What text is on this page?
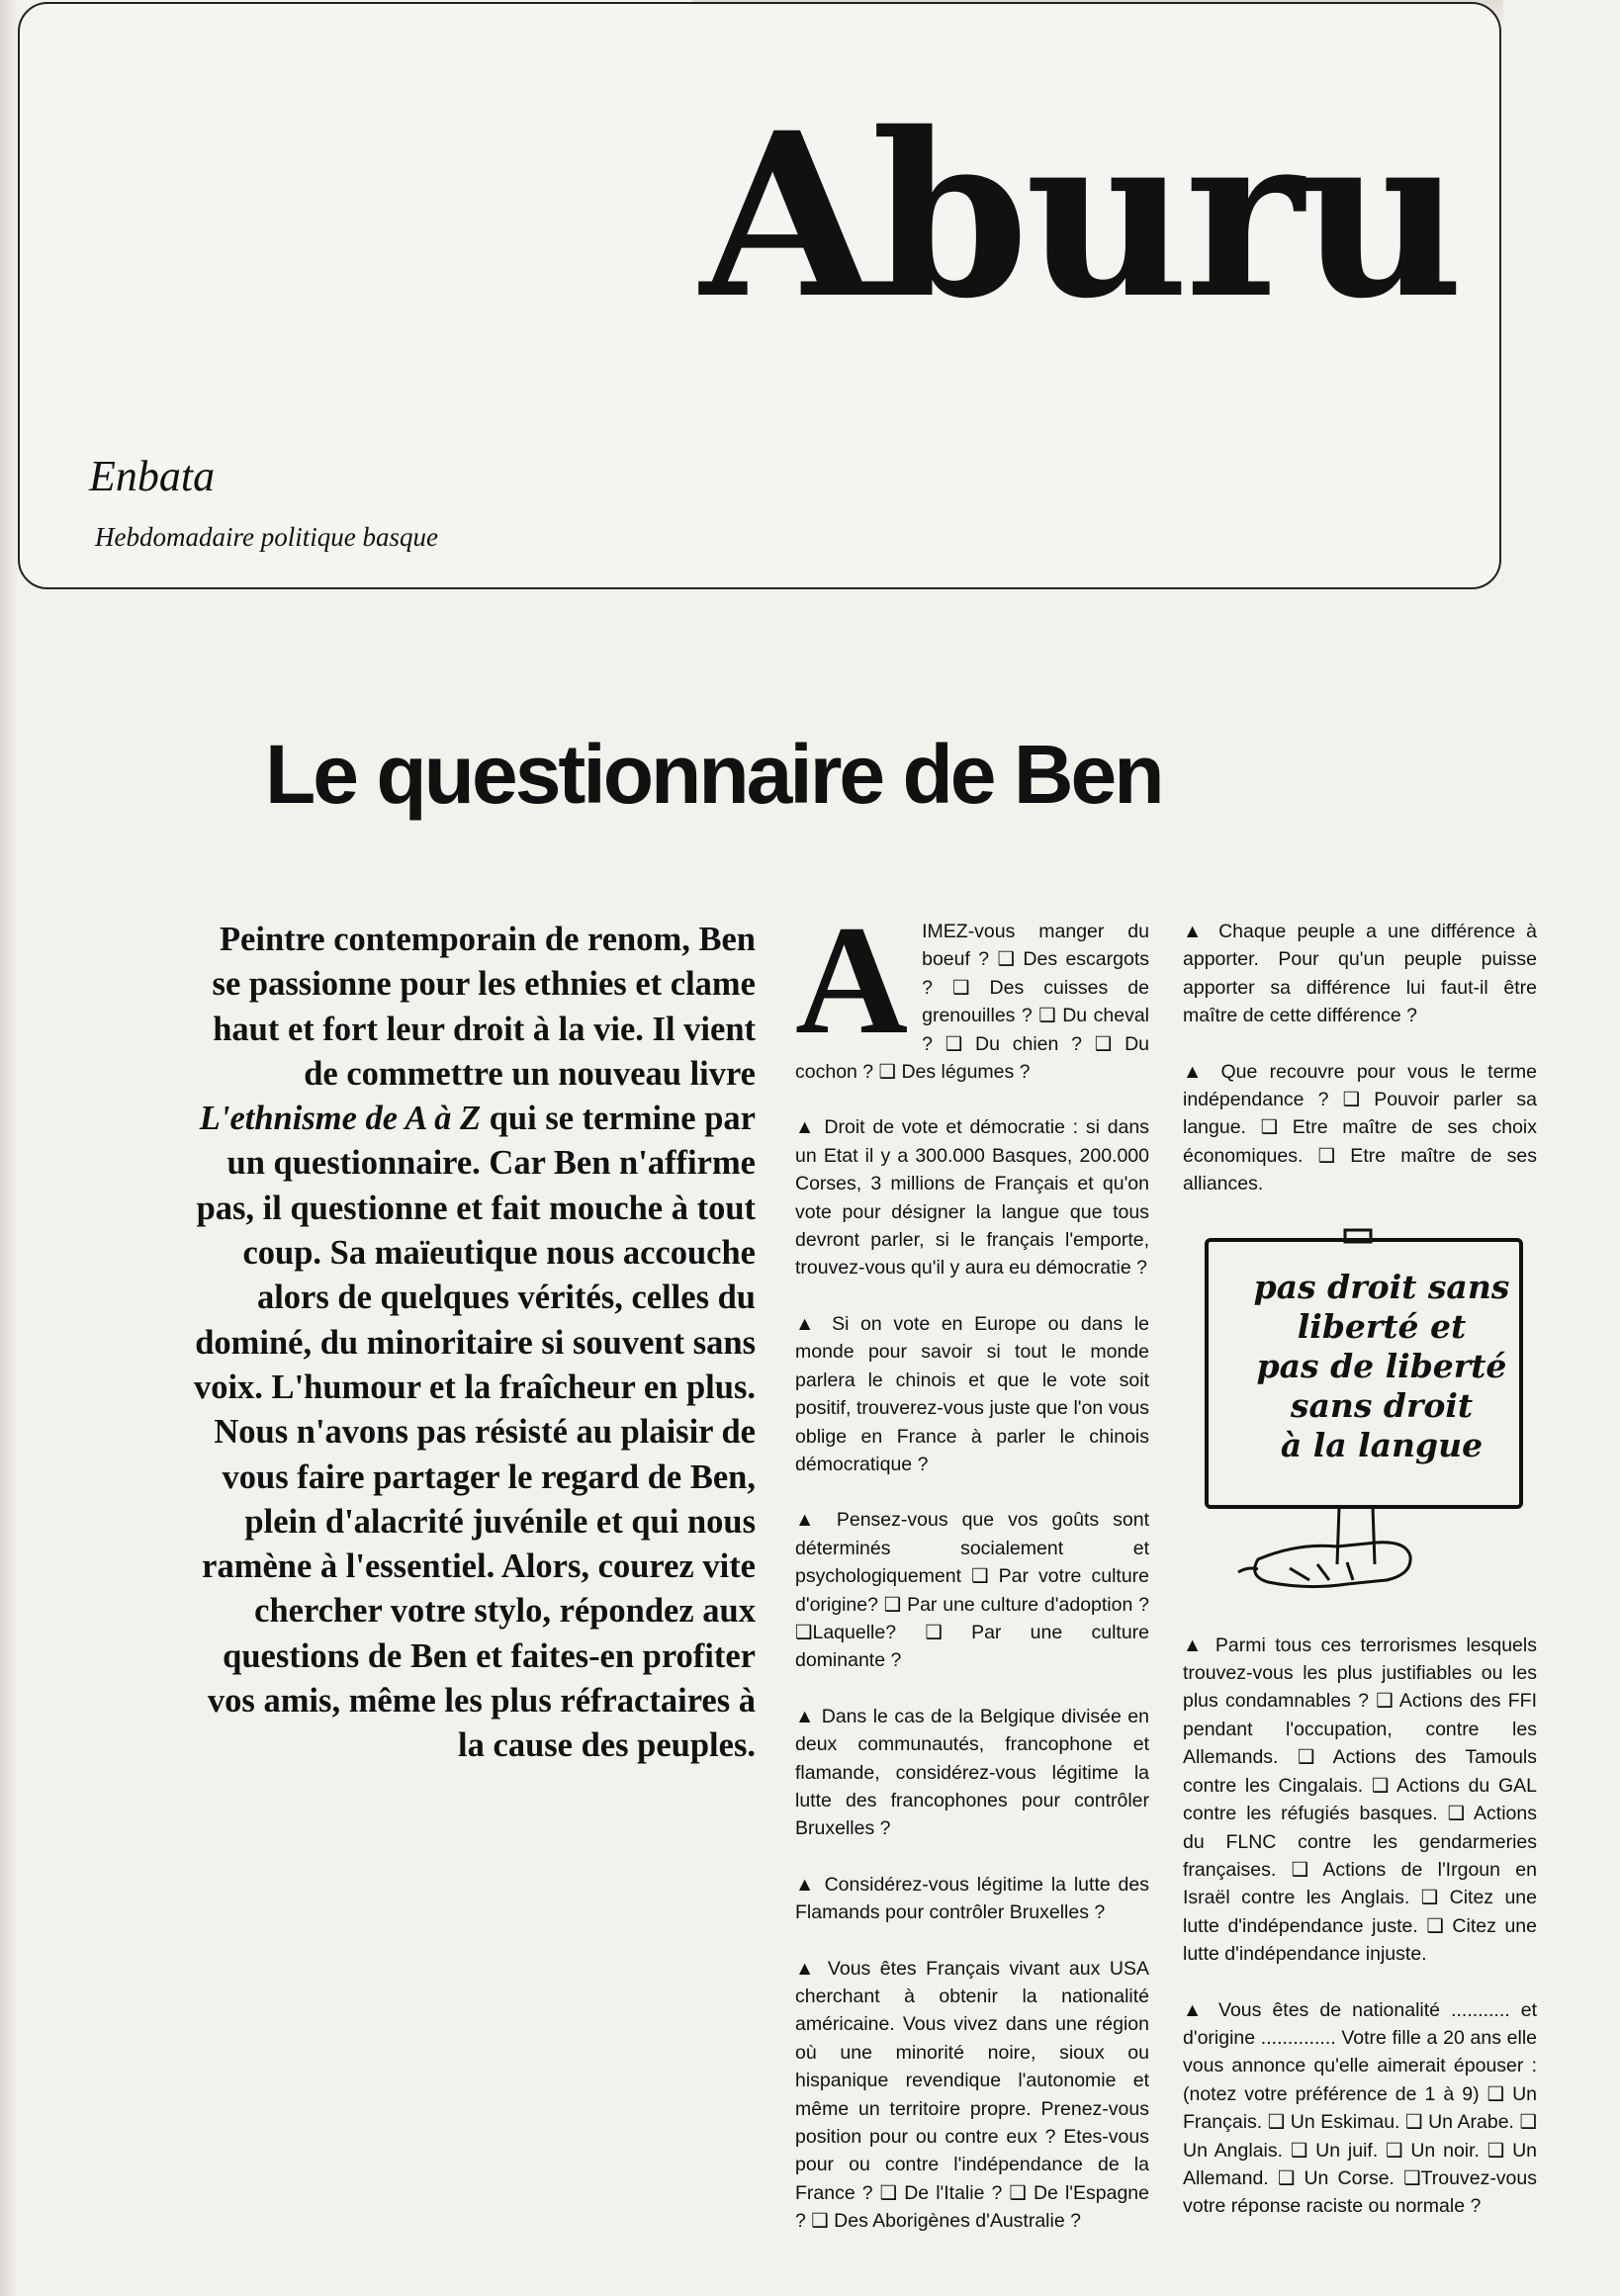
Aburu
Enbata
Hebdomadaire politique basque
Le questionnaire de Ben
Peintre contemporain de renom, Ben se passionne pour les ethnies et clame haut et fort leur droit à la vie. Il vient de commettre un nouveau livre L'ethnisme de A à Z qui se termine par un questionnaire. Car Ben n'affirme pas, il questionne et fait mouche à tout coup. Sa maïeutique nous accouche alors de quelques vérités, celles du dominé, du minoritaire si souvent sans voix. L'humour et la fraîcheur en plus. Nous n'avons pas résisté au plaisir de vous faire partager le regard de Ben, plein d'alacrité juvénile et qui nous ramène à l'essentiel. Alors, courez vite chercher votre stylo, répondez aux questions de Ben et faites-en profiter vos amis, même les plus réfractaires à la cause des peuples.

AIMEZ-vous manger du boeuf ? ❑ Des escargots ? ❑ Des cuisses de grenouilles ? ❑ Du cheval ? ❑ Du chien ? ❑ Du cochon ? ❑ Des légumes ?

▲ Droit de vote et démocratie : si dans un Etat il y a 300.000 Basques, 200.000 Corses, 3 millions de Français et qu'on vote pour désigner la langue que tous devront parler, si le français l'emporte, trouvez-vous qu'il y aura eu démocratie ?

▲ Si on vote en Europe ou dans le monde pour savoir si tout le monde parlera le chinois et que le vote soit positif, trouverez-vous juste que l'on vous oblige en France à parler le chinois démocratique ?

▲ Pensez-vous que vos goûts sont déterminés socialement et psychologiquement ❑ Par votre culture d'origine? ❑ Par une culture d'adoption ? ❑Laquelle? ❑ Par une culture dominante ?

▲ Dans le cas de la Belgique divisée en deux communautés, francophone et flamande, considérez-vous légitime la lutte des francophones pour contrôler Bruxelles ?

▲ Considérez-vous légitime la lutte des Flamands pour contrôler Bruxelles ?

▲ Vous êtes Français vivant aux USA cherchant à obtenir la nationalité américaine. Vous vivez dans une région où une minorité noire, sioux ou hispanique revendique l'autonomie et même un territoire propre. Prenez-vous position pour ou contre eux ? Etes-vous pour ou contre l'indépendance de la France ? ❑ De l'Italie ? ❑ De l'Espagne ? ❑ Des Aborigènes d'Australie ?

▲ Chaque peuple a une différence à apporter. Pour qu'un peuple puisse apporter sa différence lui faut-il être maître de cette différence ?

▲ Que recouvre pour vous le terme indépendance ? ❑ Pouvoir parler sa langue. ❑ Etre maître de ses choix économiques. ❑ Etre maître de ses alliances.

▲ Parmi tous ces terrorismes lesquels trouvez-vous les plus justifiables ou les plus condamnables ? ❑ Actions des FFI pendant l'occupation, contre les Allemands. ❑ Actions des Tamouls contre les Cingalais. ❑ Actions du GAL contre les réfugiés basques. ❑ Actions du FLNC contre les gendarmeries françaises. ❑ Actions de l'Irgoun en Israël contre les Anglais. ❑ Citez une lutte d'indépendance juste. ❑ Citez une lutte d'indépendance injuste.

▲ Vous êtes de nationalité ........... et d'origine .............. Votre fille a 20 ans elle vous annonce qu'elle aimerait épouser : (notez votre préférence de 1 à 9) ❑ Un Français. ❑ Un Eskimau. ❑ Un Arabe. ❑ Un Anglais. ❑ Un juif. ❑ Un noir. ❑ Un Allemand. ❑ Un Corse. ❑Trouvez-vous votre réponse raciste ou normale ?

pas droit sans
liberté et
pas de liberté
sans droit
à la langue
